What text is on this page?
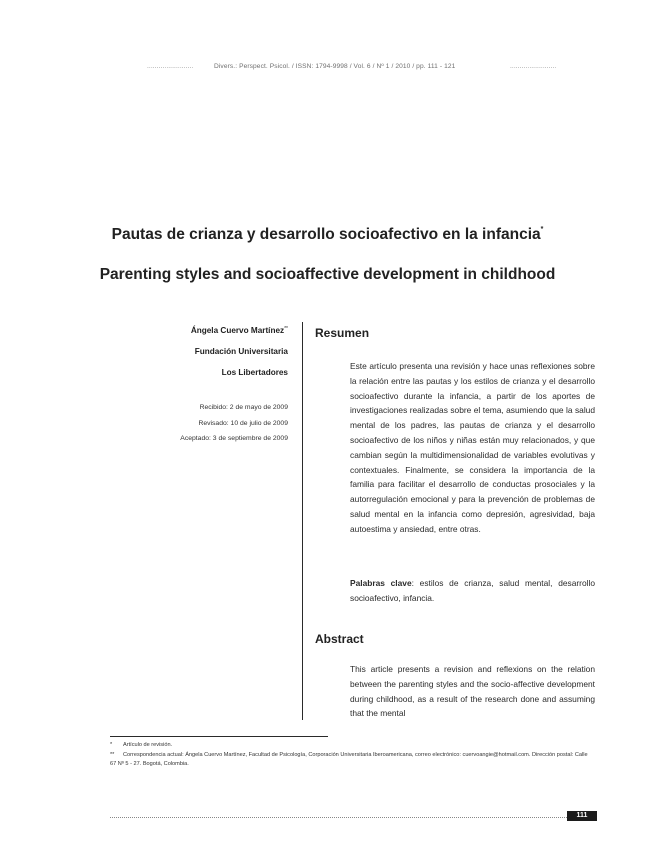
........................	Divers.: Perspect. Psicol. / ISSN: 1794-9998 / Vol. 6 / Nº 1 / 2010 / pp. 111 - 121	........................
Pautas de crianza y desarrollo socioafectivo en la infancia*
Parenting styles and socioaffective development in childhood
Ángela Cuervo Martínez**
Fundación Universitaria
Los Libertadores
Recibido: 2 de mayo de 2009
Revisado: 10 de julio de 2009
Aceptado: 3 de septiembre de 2009
Resumen
Este artículo presenta una revisión y hace unas reflexiones sobre la relación entre las pautas y los estilos de crianza y el desarrollo socioafectivo durante la infancia, a partir de los aportes de investigaciones realizadas sobre el tema, asumiendo que la salud mental de los padres, las pautas de crianza y el desarrollo socioafectivo de los niños y niñas están muy relacionados, y que cambian según la multidimensionalidad de variables evolutivas y contextuales. Finalmente, se considera la importancia de la familia para facilitar el desarrollo de conductas prosociales y la autorregulación emocional y para la prevención de problemas de salud mental en la infancia como depresión, agresividad, baja autoestima y ansiedad, entre otras.
Palabras clave: estilos de crianza, salud mental, desarrollo socioafectivo, infancia.
Abstract
This article presents a revision and reflexions on the relation between the parenting styles and the socio-affective development during childhood, as a result of the research done and assuming that the mental
* Artículo de revisión.
** Correspondencia actual: Ángela Cuervo Martínez, Facultad de Psicología, Corporación Universitaria Iberoamericana, correo electrónico: cuervoangie@hotmail.com. Dirección postal: Calle 67 Nº 5 - 27. Bogotá, Colombia.
111
